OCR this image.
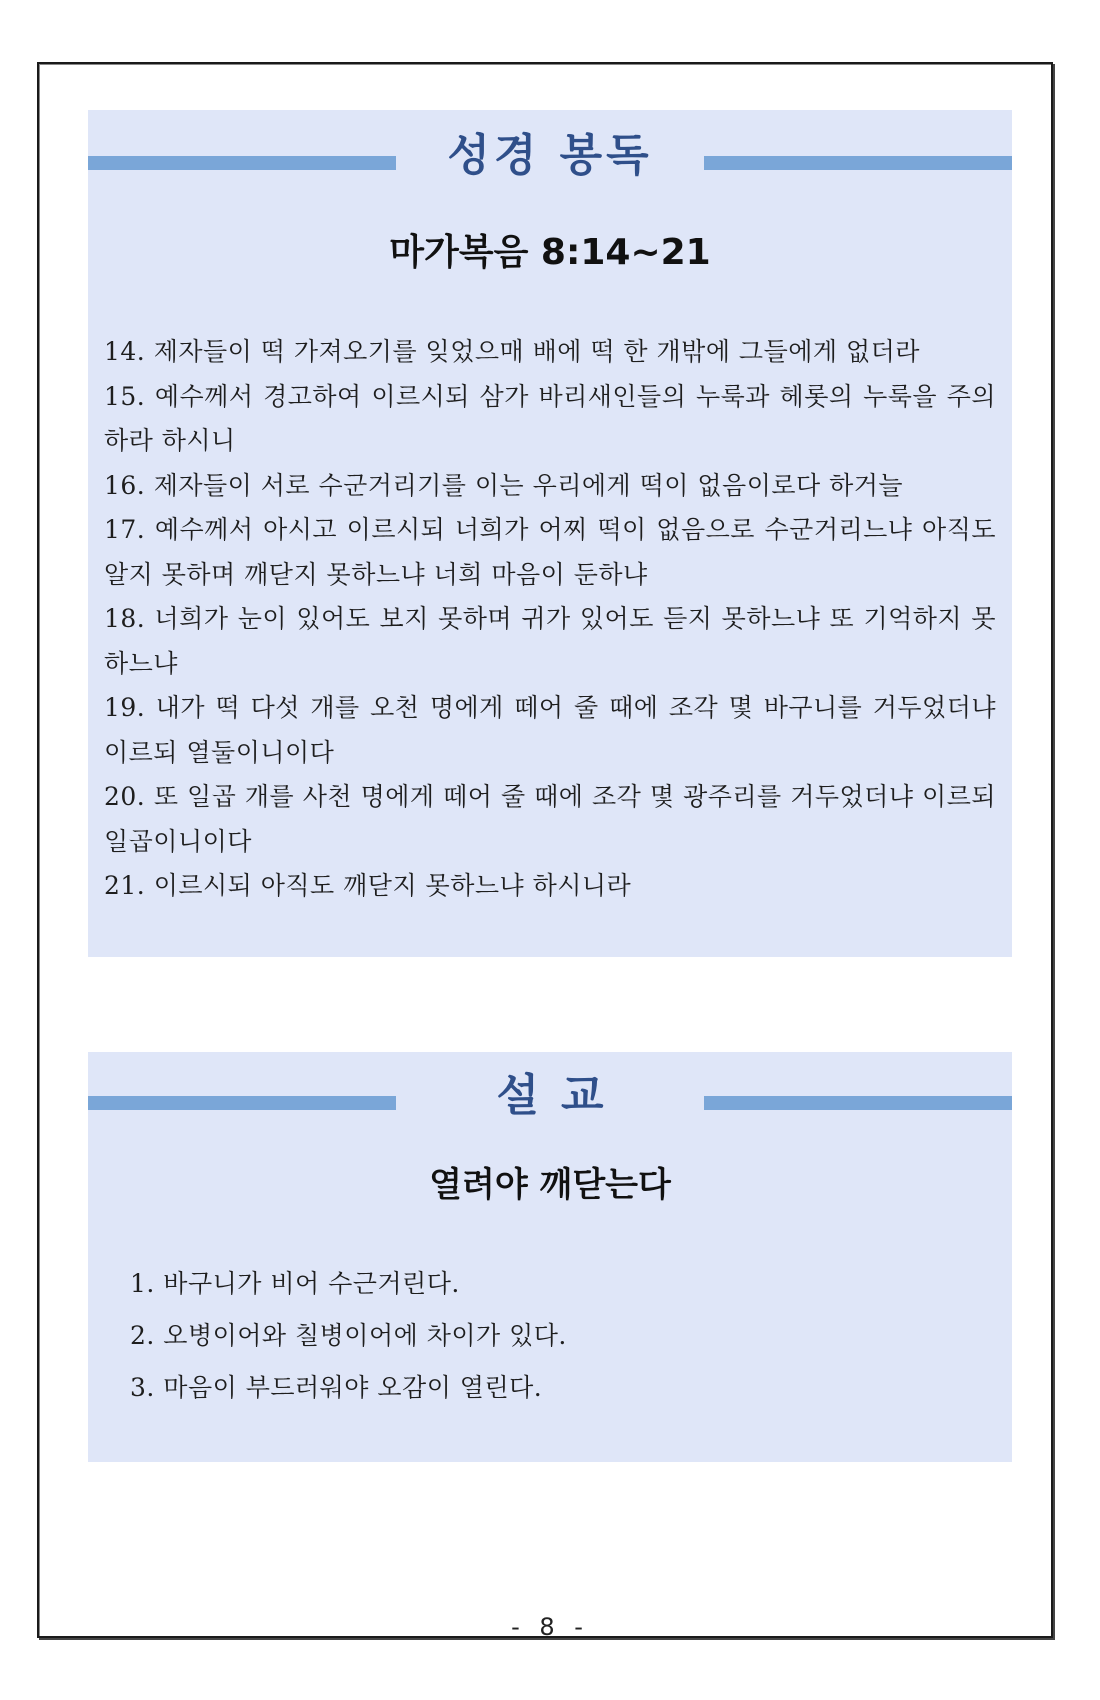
성경 봉독
마가복음 8:14~21

14. 제자들이 떡 가져오기를 잊었으매 배에 떡 한 개밖에 그들에게 없더라

15. 예수께서 경고하여 이르시되 삼가 바리새인들의 누룩과 헤롯의 누룩을 주의하라 하시니

16. 제자들이 서로 수군거리기를 이는 우리에게 떡이 없음이로다 하거늘

17. 예수께서 아시고 이르시되 너희가 어찌 떡이 없음으로 수군거리느냐 아직도 알지 못하며 깨닫지 못하느냐 너희 마음이 둔하냐

18. 너희가 눈이 있어도 보지 못하며 귀가 있어도 듣지 못하느냐 또 기억하지 못하느냐

19. 내가 떡 다섯 개를 오천 명에게 떼어 줄 때에 조각 몇 바구니를 거두었더냐 이르되 열둘이니이다

20. 또 일곱 개를 사천 명에게 떼어 줄 때에 조각 몇 광주리를 거두었더냐 이르되 일곱이니이다

21. 이르시되 아직도 깨닫지 못하느냐 하시니라

설교
열려야 깨닫는다

1. 바구니가 비어 수근거린다.

2. 오병이어와 칠병이어에 차이가 있다.

3. 마음이 부드러워야 오감이 열린다.

- 8 -
